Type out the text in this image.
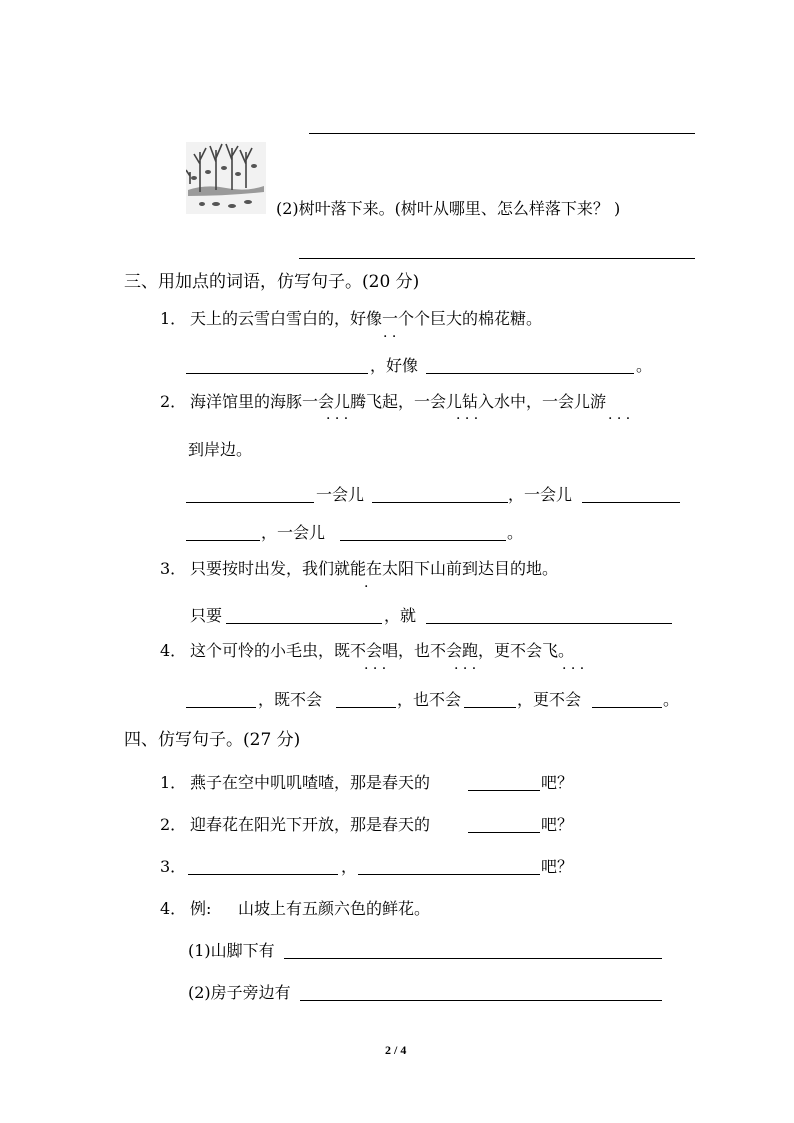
(2)树叶落下来。(树叶从哪里、怎么样落下来？ )
三、用加点的词语，仿写句子。(20 分)
1． 天上的云雪白雪白的，好像一个个巨大的棉花糖。
· ·
，好像	。
2． 海洋馆里的海豚一会儿腾飞起，一会儿钻入水中，一会儿游
· · ·	· · ·	· · ·
到岸边。
一会儿	，一会儿
，一会儿	。
3． 只要按时出发，我们就能在太阳下山前到达目的地。
·
只要	，就
4． 这个可怜的小毛虫，既不会唱，也不会跑，更不会飞。
· · ·	· · ·	· · ·
，既不会	，也不会	，更不会	。
四、仿写句子。(27 分)
1． 燕子在空中叽叽喳喳，那是春天的	吧？
2． 迎春花在阳光下开放，那是春天的	吧？
3．	，	吧？
4． 例: 山坡上有五颜六色的鲜花。
(1)山脚下有
(2)房子旁边有
2 / 4
